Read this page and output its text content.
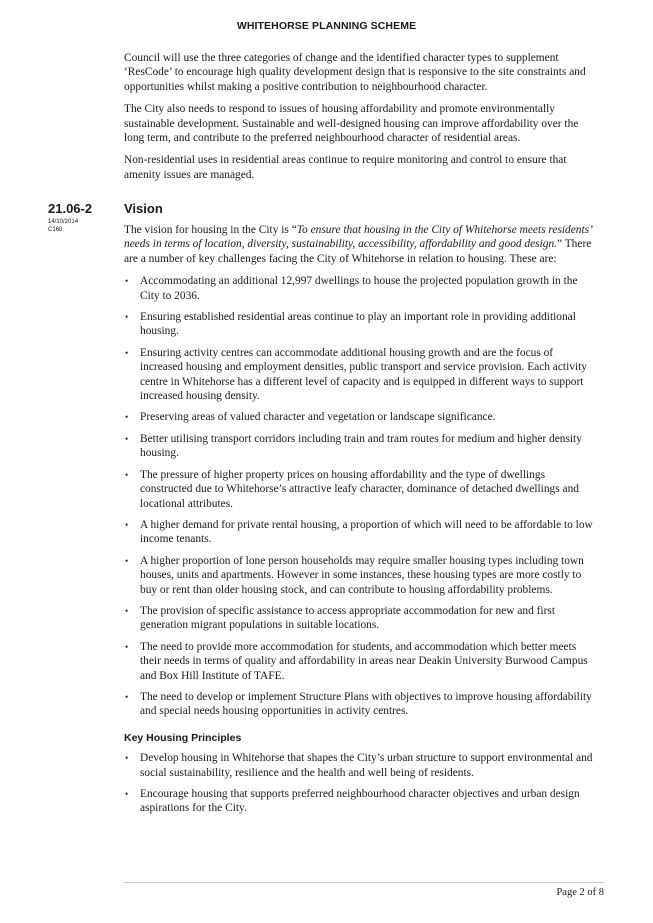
WHITEHORSE PLANNING SCHEME

Council will use the three categories of change and the identified character types to supplement ‘ResCode’ to encourage high quality development design that is responsive to the site constraints and opportunities whilst making a positive contribution to neighbourhood character.

The City also needs to respond to issues of housing affordability and promote environmentally sustainable development. Sustainable and well-designed housing can improve affordability over the long term, and contribute to the preferred neighbourhood character of residential areas.

Non-residential uses in residential areas continue to require monitoring and control to ensure that amenity issues are managed.

21.06-2
14/10/2014
C160
Vision

The vision for housing in the City is “To ensure that housing in the City of Whitehorse meets residents’ needs in terms of location, diversity, sustainability, accessibility, affordability and good design.” There are a number of key challenges facing the City of Whitehorse in relation to housing. These are:

• Accommodating an additional 12,997 dwellings to house the projected population growth in the City to 2036.
• Ensuring established residential areas continue to play an important role in providing additional housing.
• Ensuring activity centres can accommodate additional housing growth and are the focus of increased housing and employment densities, public transport and service provision. Each activity centre in Whitehorse has a different level of capacity and is equipped in different ways to support increased housing density.
• Preserving areas of valued character and vegetation or landscape significance.
• Better utilising transport corridors including train and tram routes for medium and higher density housing.
• The pressure of higher property prices on housing affordability and the type of dwellings constructed due to Whitehorse’s attractive leafy character, dominance of detached dwellings and locational attributes.
• A higher demand for private rental housing, a proportion of which will need to be affordable to low income tenants.
• A higher proportion of lone person households may require smaller housing types including town houses, units and apartments. However in some instances, these housing types are more costly to buy or rent than older housing stock, and can contribute to housing affordability problems.
• The provision of specific assistance to access appropriate accommodation for new and first generation migrant populations in suitable locations.
• The need to provide more accommodation for students, and accommodation which better meets their needs in terms of quality and affordability in areas near Deakin University Burwood Campus and Box Hill Institute of TAFE.
• The need to develop or implement Structure Plans with objectives to improve housing affordability and special needs housing opportunities in activity centres.
Key Housing Principles
• Develop housing in Whitehorse that shapes the City’s urban structure to support environmental and social sustainability, resilience and the health and well being of residents.
• Encourage housing that supports preferred neighbourhood character objectives and urban design aspirations for the City.
Page 2 of 8
